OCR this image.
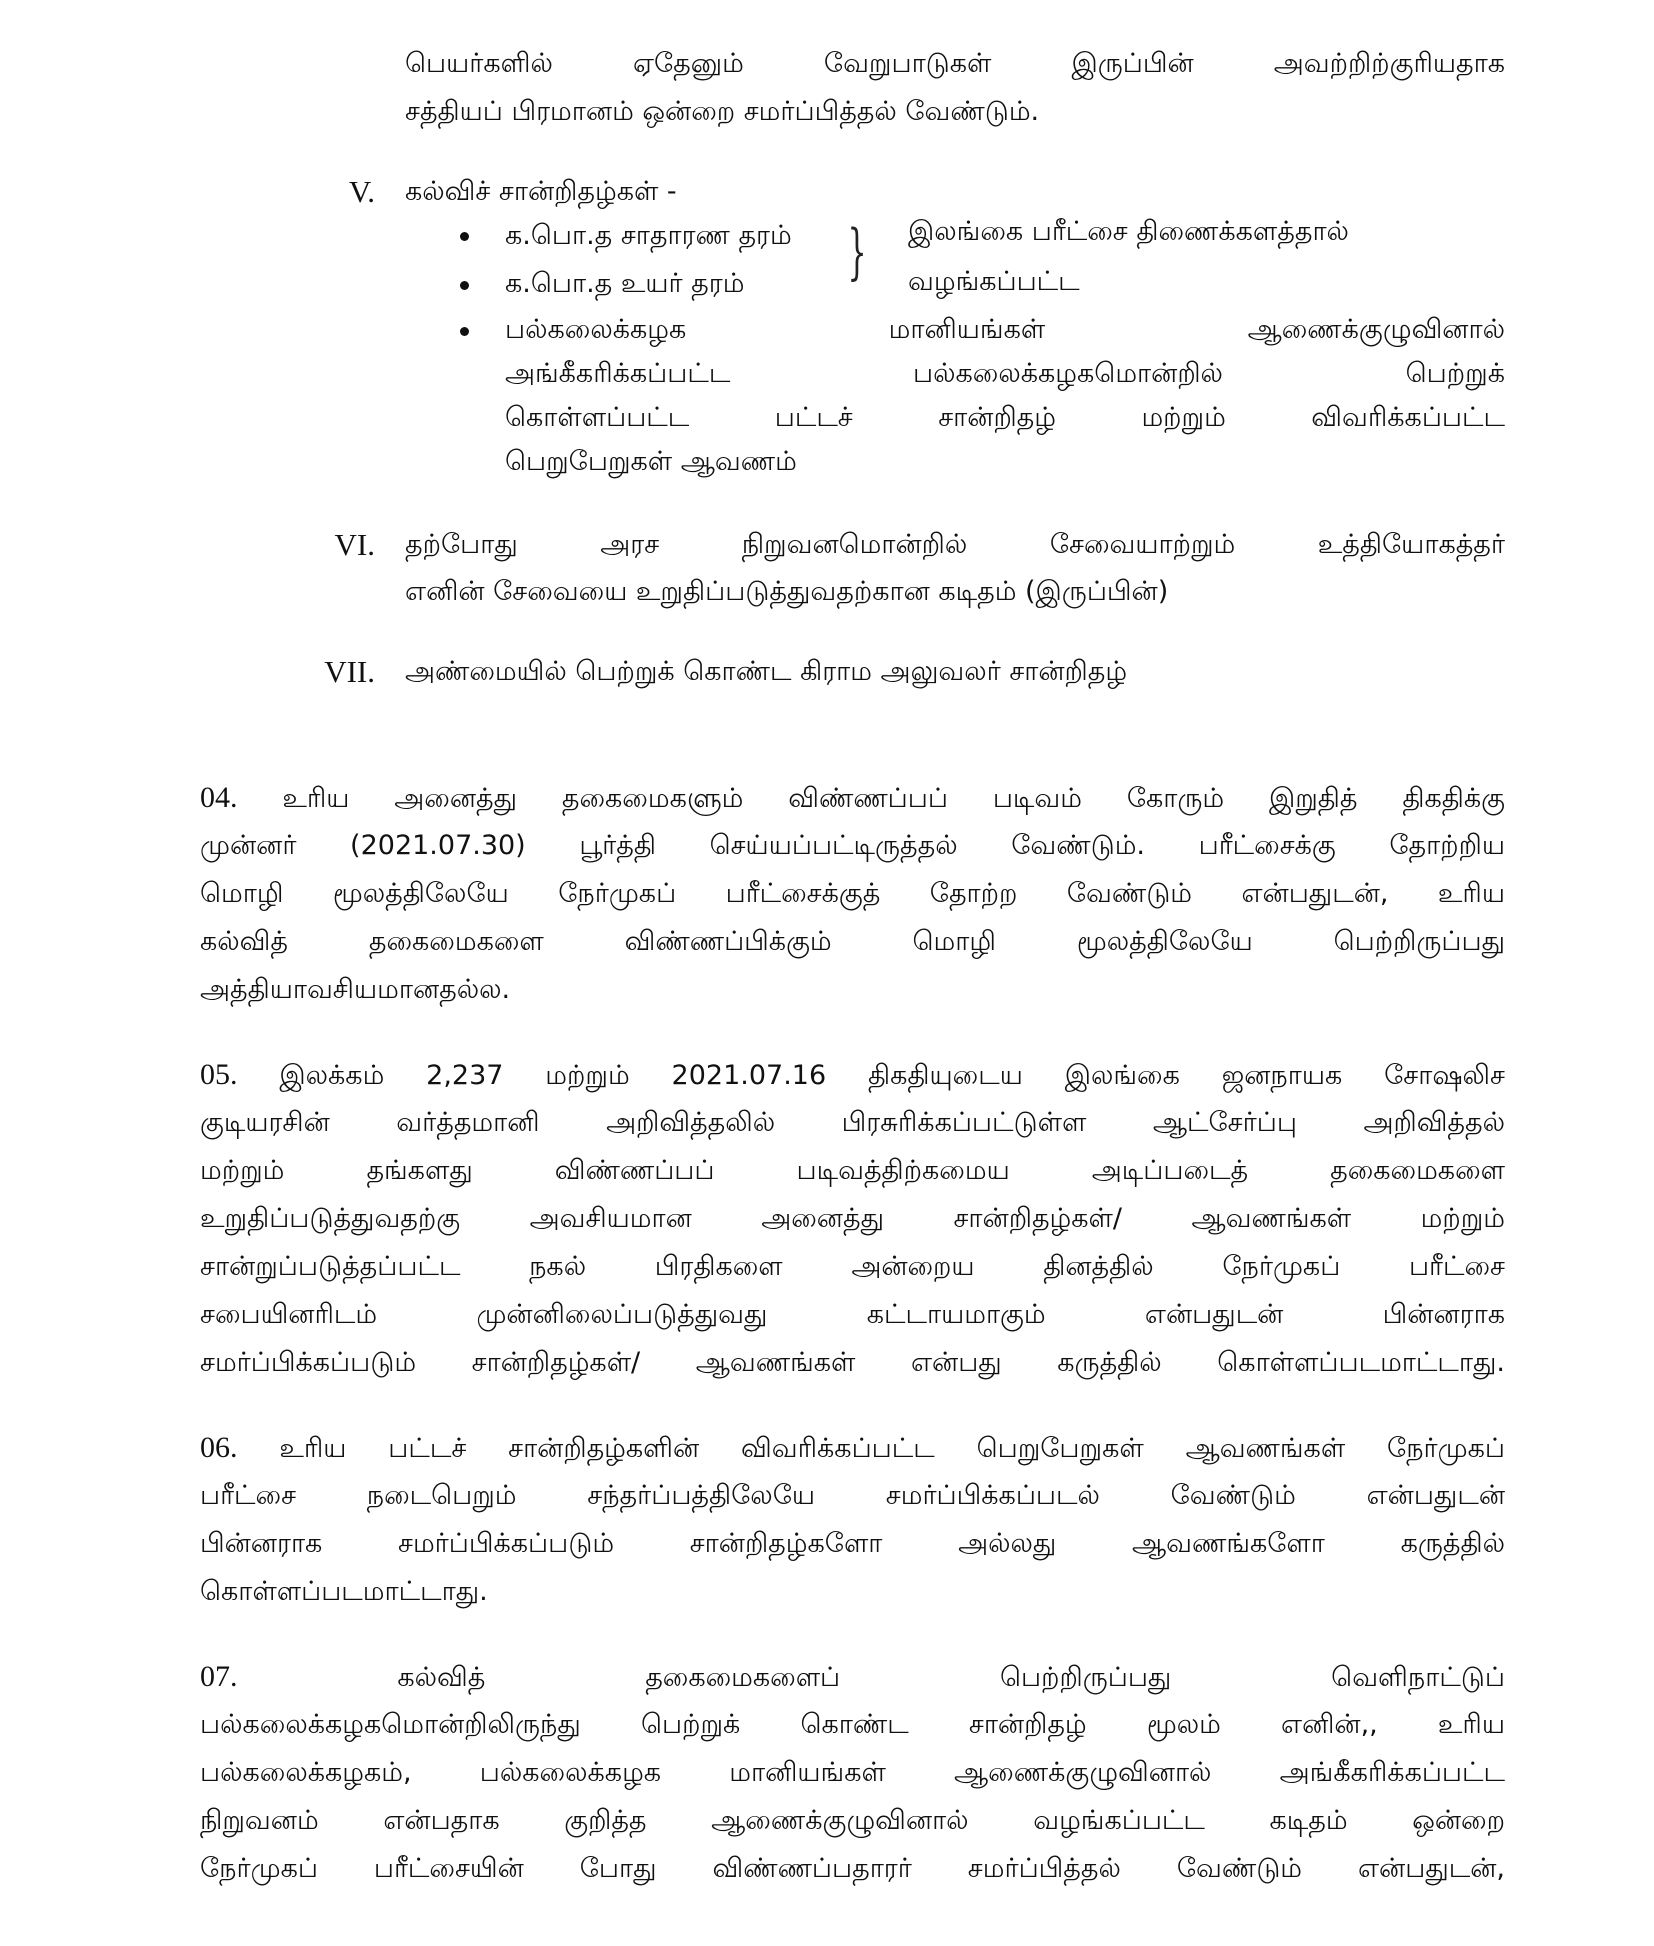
பெயர்களில் ஏதேனும் வேறுபாடுகள் இருப்பின் அவற்றிற்குரியதாக
சத்தியப் பிரமானம் ஒன்றை சமர்ப்பித்தல் வேண்டும்.
V. கல்விச் சான்றிதழ்கள் -
க.பொ.த சாதாரண தரம்
க.பொ.த உயர் தரம் } இலங்கை பரீட்சை திணைக்களத்தால்
வழங்கப்பட்ட
பல்கலைக்கழக மானியங்கள் ஆணைக்குழுவினால்
அங்கீகரிக்கப்பட்ட பல்கலைக்கழகமொன்றில் பெற்றுக்
கொள்ளப்பட்ட பட்டச் சான்றிதழ் மற்றும் விவரிக்கப்பட்ட
பெறுபேறுகள் ஆவணம்
VI. தற்போது அரச நிறுவனமொன்றில் சேவையாற்றும் உத்தியோகத்தர்
எனின் சேவையை உறுதிப்படுத்துவதற்கான கடிதம் (இருப்பின்)
VII. அண்மையில் பெற்றுக் கொண்ட கிராம அலுவலர் சான்றிதழ்
04. உரிய அனைத்து தகைமைகளும் விண்ணப்பப் படிவம் கோரும் இறுதித் திகதிக்கு
முன்னர் (2021.07.30) பூர்த்தி செய்யப்பட்டிருத்தல் வேண்டும். பரீட்சைக்கு தோற்றிய
மொழி மூலத்திலேயே நேர்முகப் பரீட்சைக்குத் தோற்ற வேண்டும் என்பதுடன், உரிய
கல்வித் தகைமைகளை விண்ணப்பிக்கும் மொழி மூலத்திலேயே பெற்றிருப்பது
அத்தியாவசியமானதல்ல.
05. இலக்கம் 2,237 மற்றும் 2021.07.16 திகதியுடைய இலங்கை ஜனநாயக சோஷலிச
குடியரசின் வர்த்தமானி அறிவித்தலில் பிரசுரிக்கப்பட்டுள்ள ஆட்சேர்ப்பு அறிவித்தல்
மற்றும் தங்களது விண்ணப்பப் படிவத்திற்கமைய அடிப்படைத் தகைமைகளை
உறுதிப்படுத்துவதற்கு அவசியமான அனைத்து சான்றிதழ்கள்/ ஆவணங்கள் மற்றும்
சான்றுப்படுத்தப்பட்ட நகல் பிரதிகளை அன்றைய தினத்தில் நேர்முகப் பரீட்சை
சபையினரிடம் முன்னிலைப்படுத்துவது கட்டாயமாகும் என்பதுடன் பின்னராக
சமர்ப்பிக்கப்படும் சான்றிதழ்கள்/ ஆவணங்கள் என்பது கருத்தில் கொள்ளப்படமாட்டாது.
06. உரிய பட்டச் சான்றிதழ்களின் விவரிக்கப்பட்ட பெறுபேறுகள் ஆவணங்கள் நேர்முகப்
பரீட்சை நடைபெறும் சந்தர்ப்பத்திலேயே சமர்ப்பிக்கப்படல் வேண்டும் என்பதுடன்
பின்னராக சமர்ப்பிக்கப்படும் சான்றிதழ்களோ அல்லது ஆவணங்களோ கருத்தில்
கொள்ளப்படமாட்டாது.
07.	கல்வித் தகைமைகளைப் பெற்றிருப்பது வெளிநாட்டுப்
பல்கலைக்கழகமொன்றிலிருந்து பெற்றுக் கொண்ட சான்றிதழ் மூலம் எனின்,, உரிய
பல்கலைக்கழகம், பல்கலைக்கழக மானியங்கள் ஆணைக்குழுவினால் அங்கீகரிக்கப்பட்ட
நிறுவனம் என்பதாக குறித்த ஆணைக்குழுவினால் வழங்கப்பட்ட கடிதம் ஒன்றை
நேர்முகப் பரீட்சையின் போது விண்ணப்பதாரர் சமர்ப்பித்தல் வேண்டும் என்பதுடன்,
